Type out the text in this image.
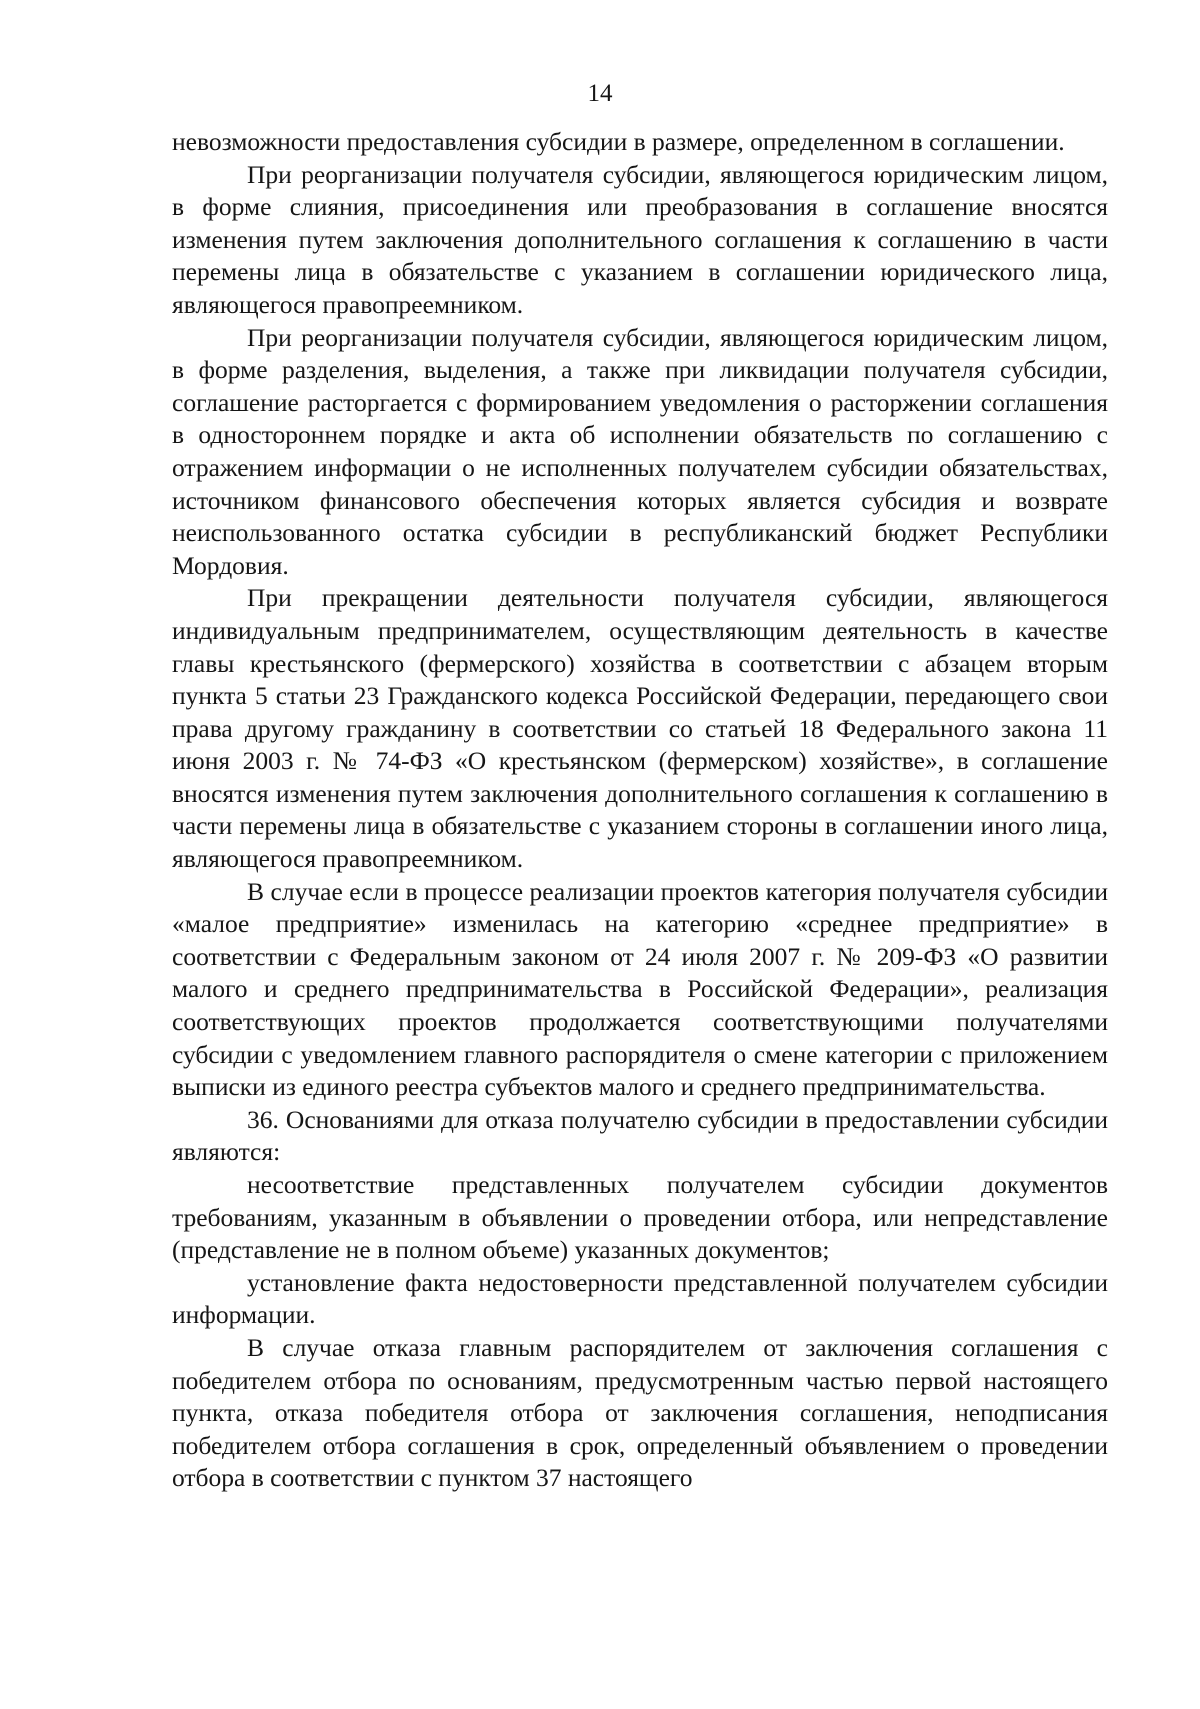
14

невозможности предоставления субсидии в размере, определенном в соглашении.

При реорганизации получателя субсидии, являющегося юридическим лицом, в форме слияния, присоединения или преобразования в соглашение вносятся изменения путем заключения дополнительного соглашения к соглашению в части перемены лица в обязательстве с указанием в соглашении юридического лица, являющегося правопреемником.

При реорганизации получателя субсидии, являющегося юридическим лицом, в форме разделения, выделения, а также при ликвидации получателя субсидии, соглашение расторгается с формированием уведомления о расторжении соглашения в одностороннем порядке и акта об исполнении обязательств по соглашению с отражением информации о не исполненных получателем субсидии обязательствах, источником финансового обеспечения которых является субсидия и возврате неиспользованного остатка субсидии в республиканский бюджет Республики Мордовия.

При прекращении деятельности получателя субсидии, являющегося индивидуальным предпринимателем, осуществляющим деятельность в качестве главы крестьянского (фермерского) хозяйства в соответствии с абзацем вторым пункта 5 статьи 23 Гражданского кодекса Российской Федерации, передающего свои права другому гражданину в соответствии со статьей 18 Федерального закона 11 июня 2003 г. № 74-ФЗ «О крестьянском (фермерском) хозяйстве», в соглашение вносятся изменения путем заключения дополнительного соглашения к соглашению в части перемены лица в обязательстве с указанием стороны в соглашении иного лица, являющегося правопреемником.

В случае если в процессе реализации проектов категория получателя субсидии «малое предприятие» изменилась на категорию «среднее предприятие» в соответствии с Федеральным законом от 24 июля 2007 г. № 209-ФЗ «О развитии малого и среднего предпринимательства в Российской Федерации», реализация соответствующих проектов продолжается соответствующими получателями субсидии с уведомлением главного распорядителя о смене категории с приложением выписки из единого реестра субъектов малого и среднего предпринимательства.

36. Основаниями для отказа получателю субсидии в предоставлении субсидии являются:

несоответствие представленных получателем субсидии документов требованиям, указанным в объявлении о проведении отбора, или непредставление (представление не в полном объеме) указанных документов;

установление факта недостоверности представленной получателем субсидии информации.

В случае отказа главным распорядителем от заключения соглашения с победителем отбора по основаниям, предусмотренным частью первой настоящего пункта, отказа победителя отбора от заключения соглашения, неподписания победителем отбора соглашения в срок, определенный объявлением о проведении отбора в соответствии с пунктом 37 настоящего
